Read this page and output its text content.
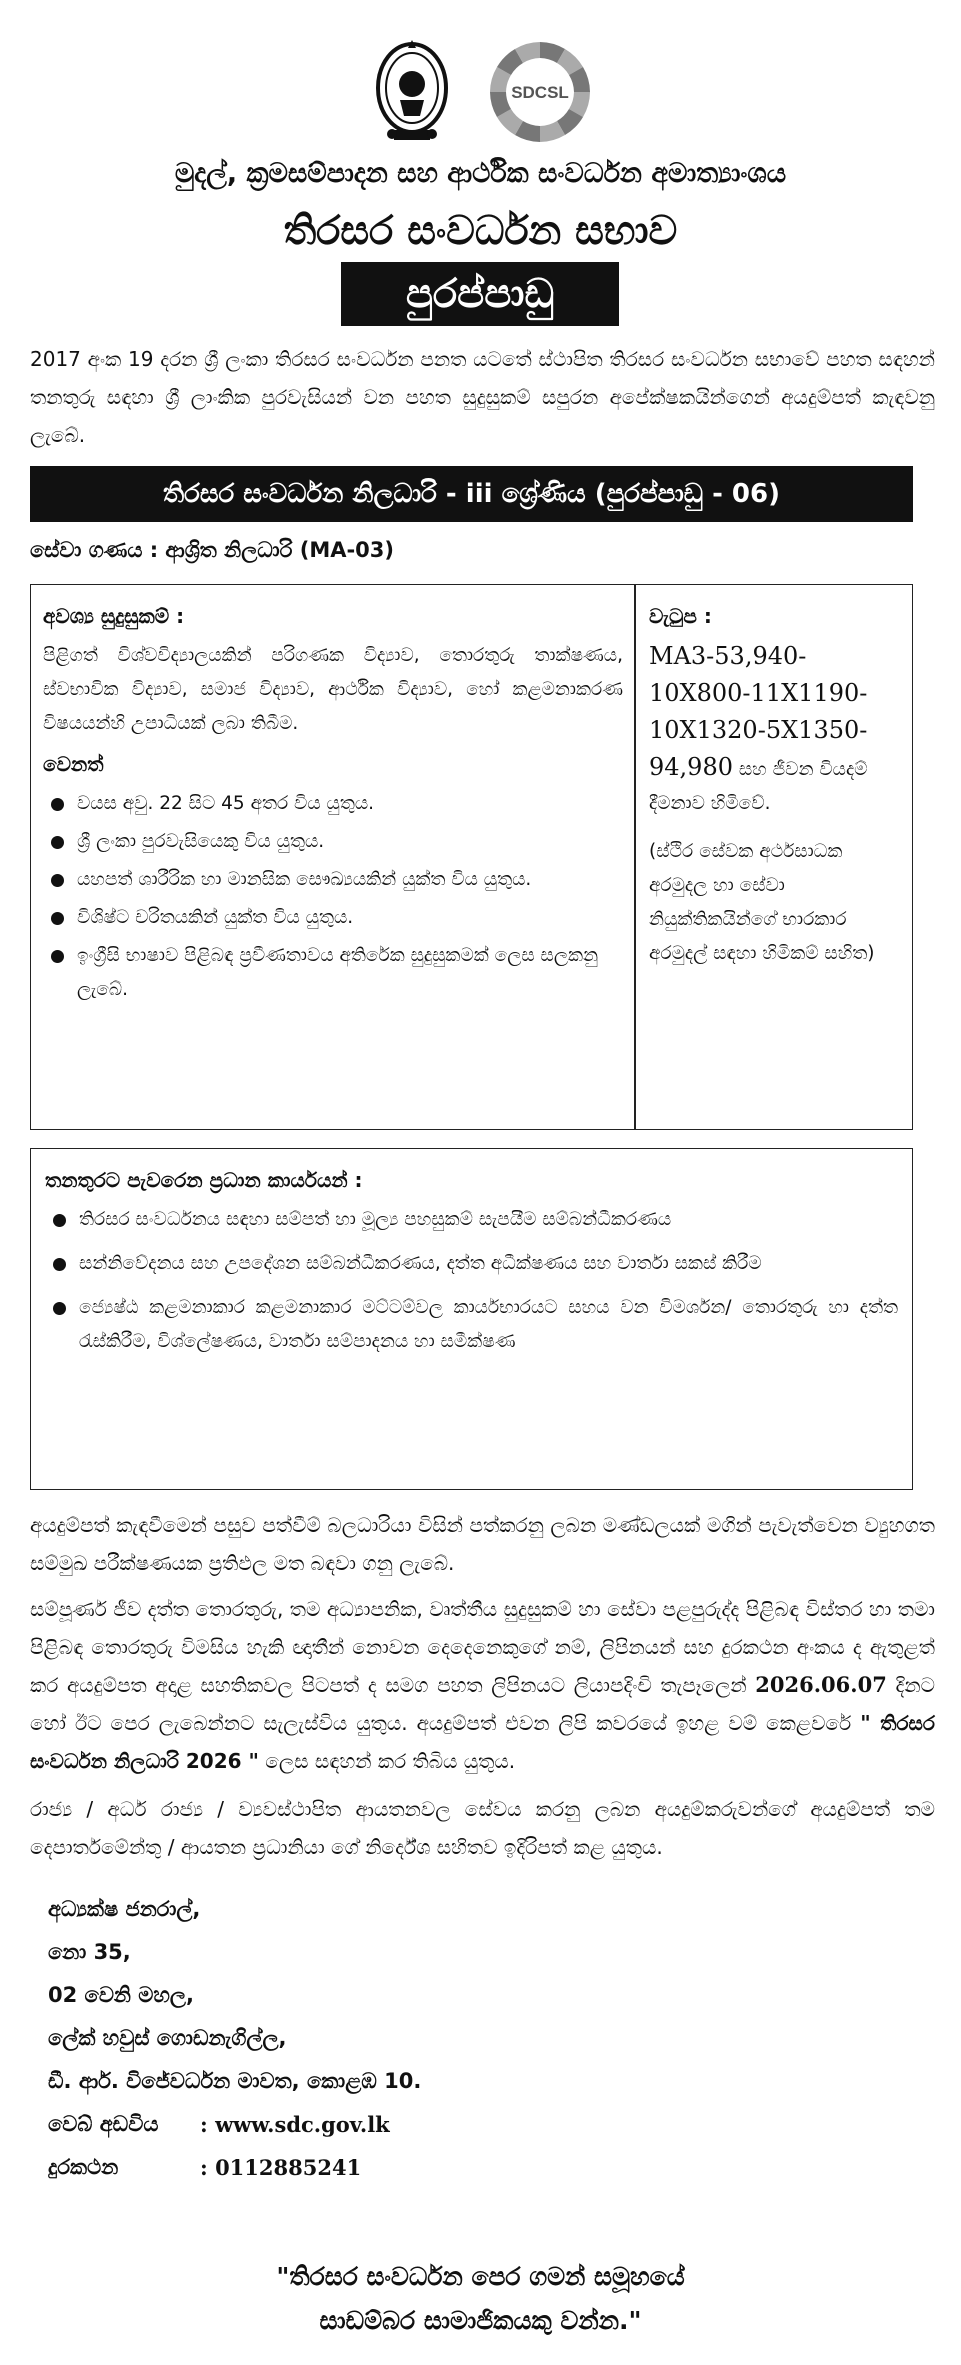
SDCSL
මුදල්, ක්‍රමසම්පාදන සහ ආර්ථික සංවර්ධන අමාත්‍යාංශය
තිරසර සංවර්ධන සභාව
පුරප්පාඩු
2017 අංක 19 දරන ශ්‍රී ලංකා තිරසර සංවර්ධන පනත යටතේ ස්ථාපිත තිරසර සංවර්ධන සභාවේ පහත සඳහන් තනතුරු සඳහා ශ්‍රී ලාංකික පුරවැසියන් වන පහත සුදුසුකම් සපුරන අපේක්ෂකයින්ගෙන් අයදුම්පත් කැඳවනු ලැබේ.
තිරසර සංවර්ධන නිලධාරි - iii ශ්‍රේණිය (පුරප්පාඩු - 06)
සේවා ගණය : ආශ්‍රිත නිලධාරි (MA-03)
අවශ්‍ය සුදුසුකම් :
පිළිගත් විශ්වවිද්‍යාලයකින් පරිගණක විද්‍යාව, තොරතුරු තාක්ෂණය, ස්වභාවික විද්‍යාව, සමාජ විද්‍යාව, ආර්ථික විද්‍යාව, හෝ කළමනාකරණ විෂයයන්හි උපාධියක් ලබා තිබීම.
වෙනත්
වයස අවු. 22 සිට 45 අතර විය යුතුය.
ශ්‍රී ලංකා පුරවැසියෙකු විය යුතුය.
යහපත් ශාරීරික හා මානසික සෞඛ්‍යයකින් යුක්ත විය යුතුය.
විශිෂ්ට චරිතයකින් යුක්ත විය යුතුය.
ඉංග්‍රීසි භාෂාව පිළිබඳ ප්‍රවීණතාවය අතිරේක සුදුසුකමක් ලෙස සලකනු ලැබේ.
වැටුප :
MA3-53,940-10X800-11X1190-10X1320-5X1350-94,980 සහ ජීවන වියදම් දීමනාව හිමිවේ.
(ස්ථිර සේවක අර්ථසාධක අරමුදල හා සේවා නියුක්තිකයින්ගේ භාරකාර අරමුදල් සඳහා හිමිකම් සහිත)
තනතුරට පැවරෙන ප්‍රධාන කාර්යයන් :
තිරසර සංවර්ධනය සඳහා සම්පත් හා මූල්‍ය පහසුකම් සැපයීම සම්බන්ධීකරණය
සන්නිවේදනය සහ උපදේශන සම්බන්ධීකරණය, දත්ත අධීක්ෂණය සහ වාර්තා සකස් කිරීම
ජ්‍යෙෂ්ඨ කළමනාකාර කළමනාකාර මට්ටම්වල කාර්යභාරයට සහය වන විමර්ශන/ තොරතුරු හා දත්ත රැස්කිරීම, විශ්ලේෂණය, වාර්තා සම්පාදනය හා සමීක්ෂණ
අයදුම්පත් කැඳවීමෙන් පසුව පත්වීම් බලධාරියා විසින් පත්කරනු ලබන මණ්ඩලයක් මගින් පැවැත්වෙන ව්‍යුහගත සම්මුඛ පරීක්ෂණයක ප්‍රතිඵල මත බඳවා ගනු ලැබේ.
සම්පූර්ණ ජීව දත්ත තොරතුරු, තම අධ්‍යාපනික, වෘත්තීය සුදුසුකම් හා සේවා පළපුරුද්ද පිළිබඳ විස්තර හා තමා පිළිබඳ තොරතුරු විමසිය හැකි ඥාතීන් නොවන දෙදෙනෙකුගේ නම්, ලිපිනයන් සහ දුරකථන අංකය ද ඇතුළත් කර අයදුම්පත අදාළ සහතිකවල පිටපත් ද සමග පහත ලිපිනයට ලියාපදිංචි තැපෑලෙන් 2026.06.07 දිනට හෝ ඊට පෙර ලැබෙන්නට සැලැස්විය යුතුය. අයදුම්පත් එවන ලිපි කවරයේ ඉහළ වම් කෙළවරේ " තිරසර සංවර්ධන නිලධාරි 2026 " ලෙස සඳහන් කර තිබිය යුතුය.
රාජ්‍ය / අර්ධ රාජ්‍ය / ව්‍යවස්ථාපිත ආයතනවල සේවය කරනු ලබන අයදුම්කරුවන්ගේ අයදුම්පත් තම දෙපාර්තමේන්තු / ආයතන ප්‍රධානියා ගේ නිර්දේශ සහිතව ඉදිරිපත් කළ යුතුය.
අධ්‍යක්ෂ ජනරාල්,
නො 35,
02 වෙනි මහල,
ලේක් හවුස් ගොඩනැගිල්ල,
ඩී. ආර්. විජේවර්ධන මාවත, කොළඹ 10.
වෙබ් අඩවිය	: www.sdc.gov.lk
දුරකථන	: 0112885241
"තිරසර සංවර්ධන පෙර ගමන් සමූහයේ
සාඩම්බර සාමාජිකයකු වන්න."
